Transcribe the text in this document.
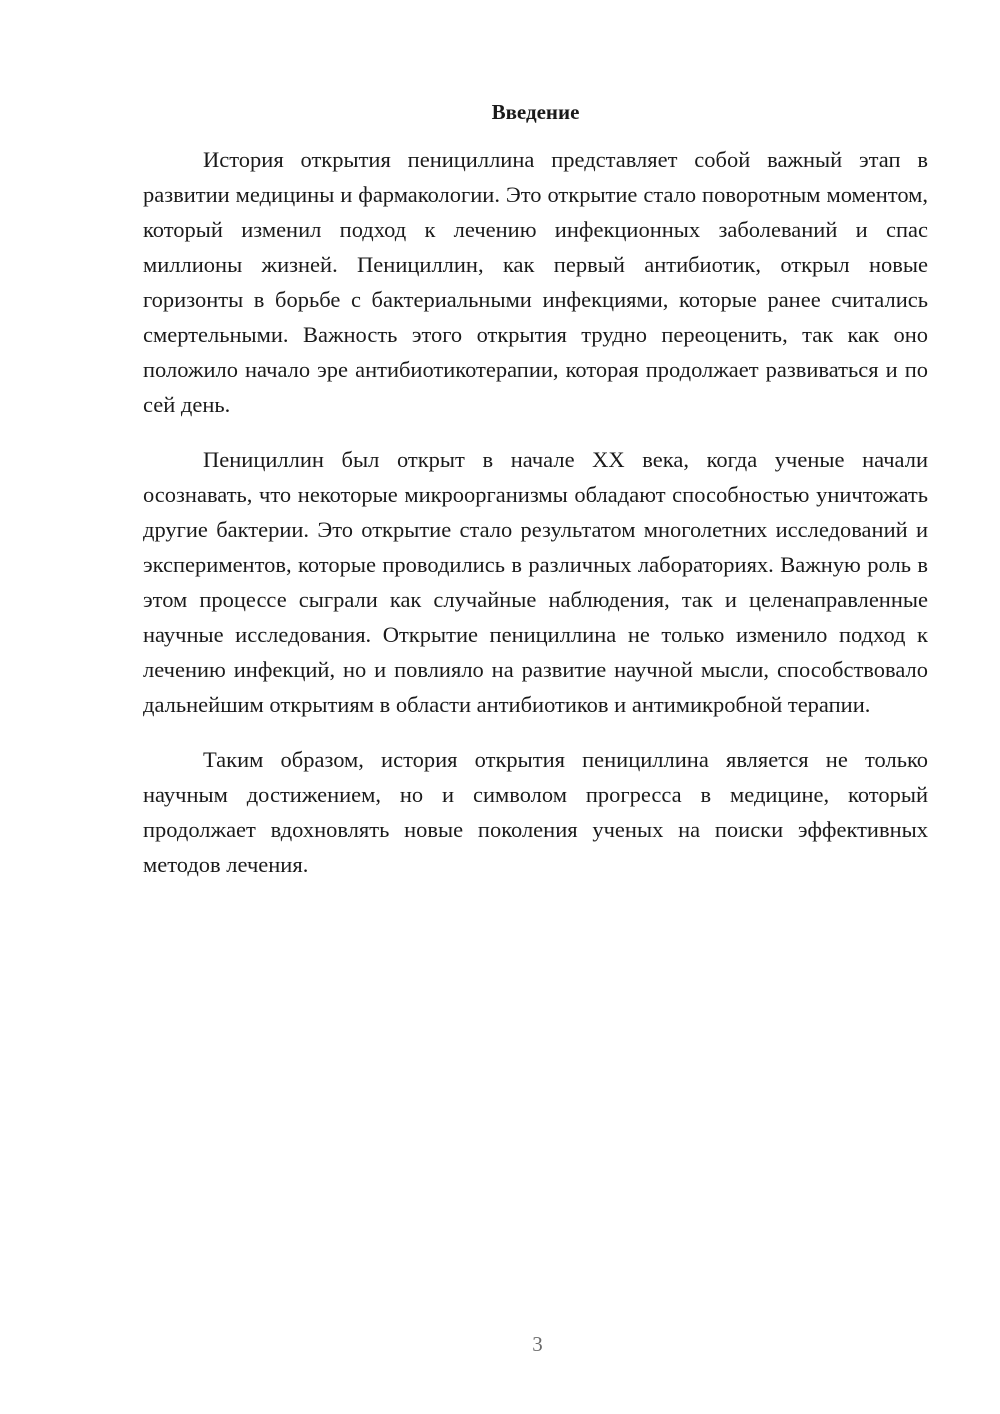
Введение

История открытия пенициллина представляет собой важный этап в развитии медицины и фармакологии. Это открытие стало поворотным моментом, который изменил подход к лечению инфекционных заболеваний и спас миллионы жизней. Пенициллин, как первый антибиотик, открыл новые горизонты в борьбе с бактериальными инфекциями, которые ранее считались смертельными. Важность этого открытия трудно переоценить, так как оно положило начало эре антибиотикотерапии, которая продолжает развиваться и по сей день.

Пенициллин был открыт в начале XX века, когда ученые начали осознавать, что некоторые микроорганизмы обладают способностью уничтожать другие бактерии. Это открытие стало результатом многолетних исследований и экспериментов, которые проводились в различных лабораториях. Важную роль в этом процессе сыграли как случайные наблюдения, так и целенаправленные научные исследования. Открытие пенициллина не только изменило подход к лечению инфекций, но и повлияло на развитие научной мысли, способствовало дальнейшим открытиям в области антибиотиков и антимикробной терапии.

Таким образом, история открытия пенициллина является не только научным достижением, но и символом прогресса в медицине, который продолжает вдохновлять новые поколения ученых на поиски эффективных методов лечения.

3
